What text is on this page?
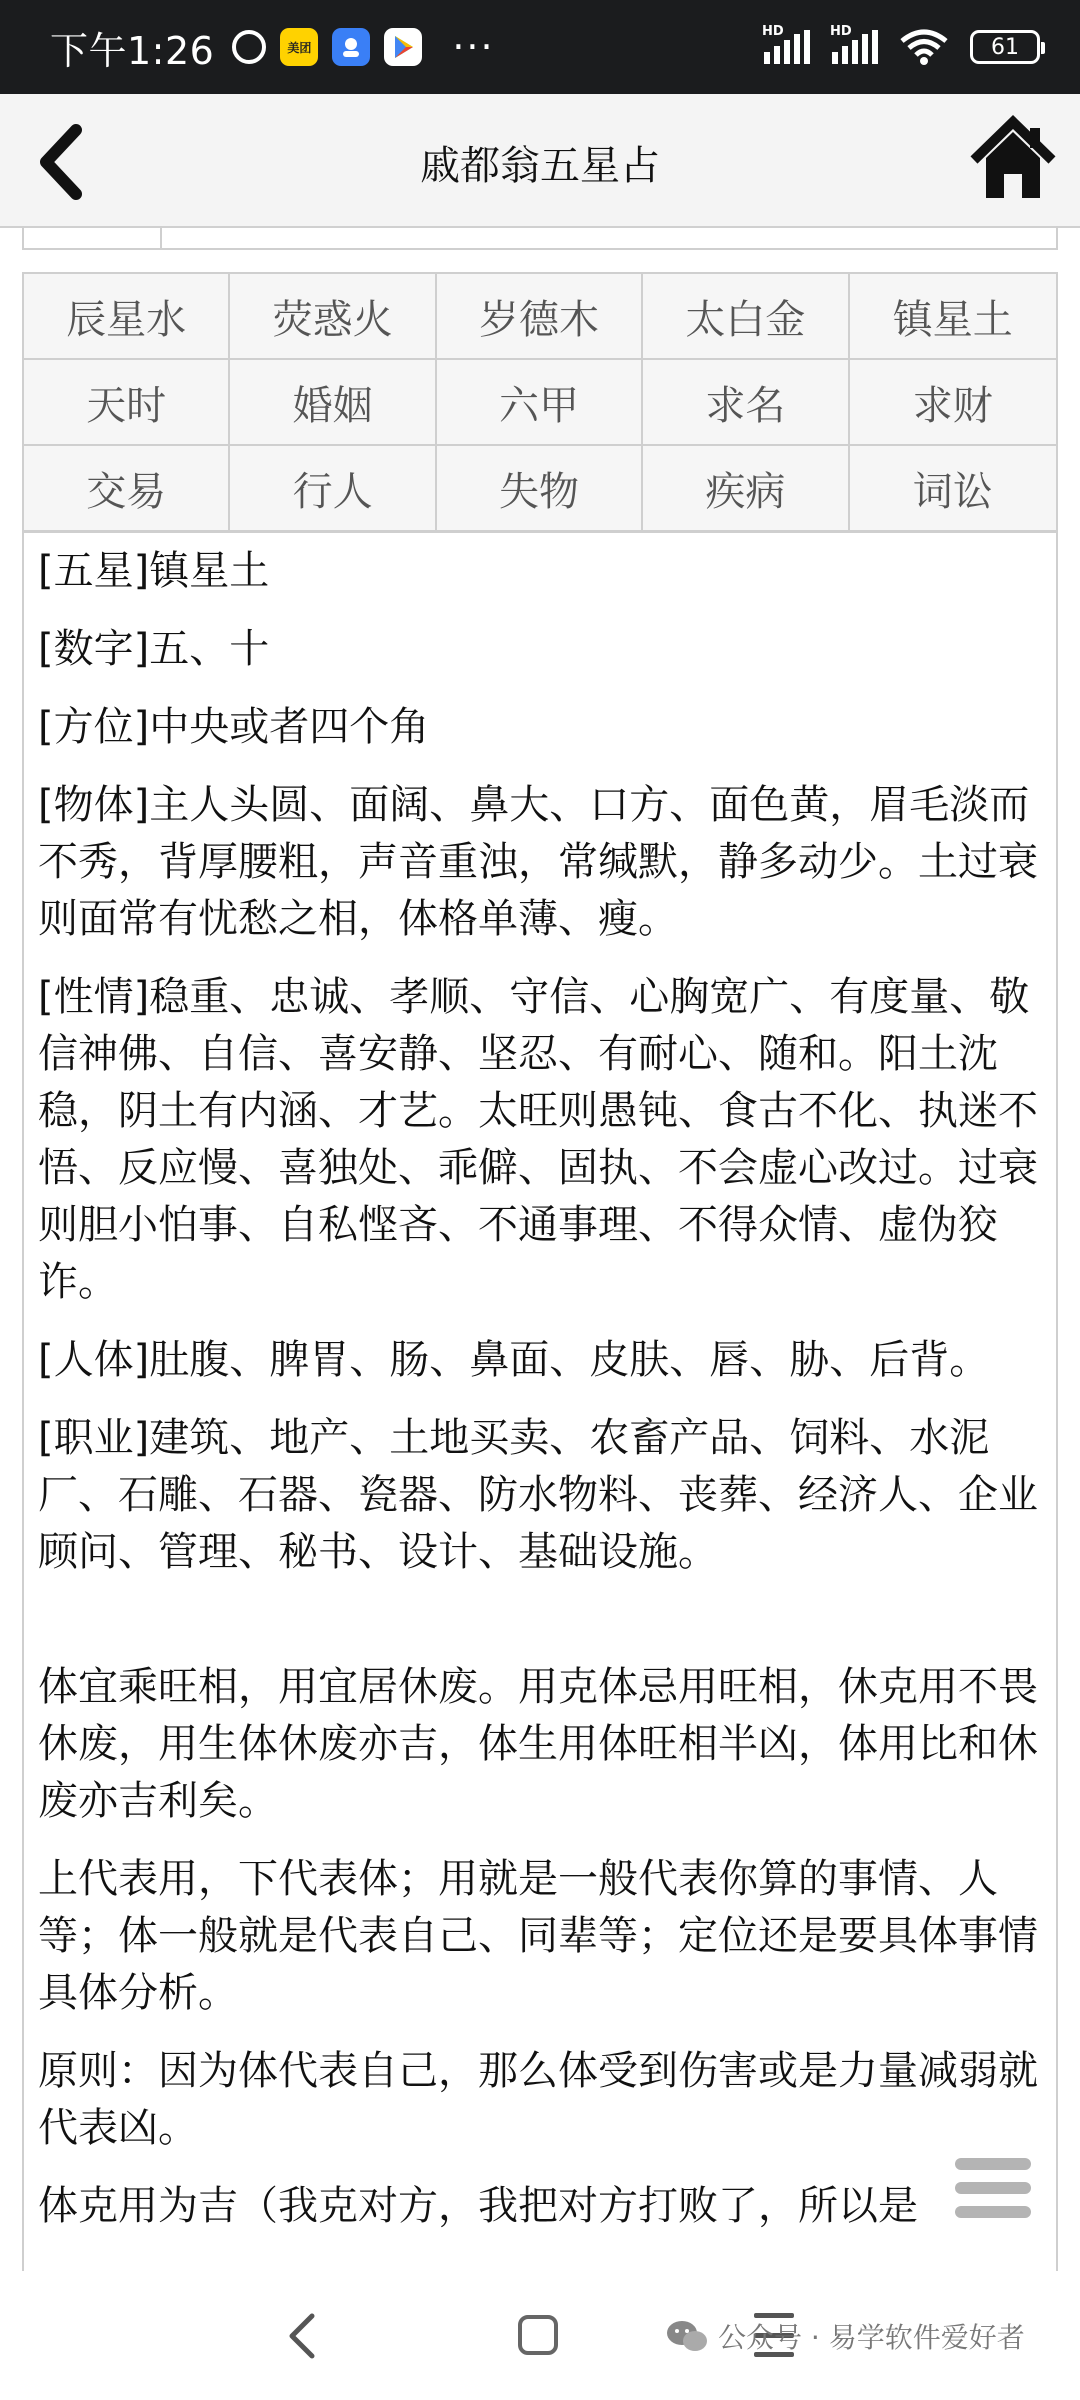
下午1:26	美团	···	HD	HD
61
戚都翁五星占
辰星水	荧惑火	岁德木	太白金	镇星土
天时	婚姻	六甲	求名	求财
交易	行人	失物	疾病	词讼

[五星]镇星土

[数字]五、十

[方位]中央或者四个角

[物体]主人头圆、面阔、鼻大、口方、面色黄，眉毛淡而不秀，背厚腰粗，声音重浊，常缄默，静多动少。土过衰则面常有忧愁之相，体格单薄、瘦。

[性情]稳重、忠诚、孝顺、守信、心胸宽广、有度量、敬信神佛、自信、喜安静、坚忍、有耐心、随和。阳土沈稳，阴土有内涵、才艺。太旺则愚钝、食古不化、执迷不悟、反应慢、喜独处、乖僻、固执、不会虚心改过。过衰则胆小怕事、自私悭吝、不通事理、不得众情、虚伪狡诈。

[人体]肚腹、脾胃、肠、鼻面、皮肤、唇、胁、后背。

[职业]建筑、地产、土地买卖、农畜产品、饲料、水泥厂、石雕、石器、瓷器、防水物料、丧葬、经济人、企业顾问、管理、秘书、设计、基础设施。

体宜乘旺相，用宜居休废。用克体忌用旺相，休克用不畏休废，用生体休废亦吉，体生用体旺相半凶，体用比和休废亦吉利矣。

上代表用，下代表体；用就是一般代表你算的事情、人等；体一般就是代表自己、同辈等；定位还是要具体事情具体分析。

原则：因为体代表自己，那么体受到伤害或是力量减弱就代表凶。

体克用为吉（我克对方，我把对方打败了，所以是

公众号 · 易学软件爱好者
